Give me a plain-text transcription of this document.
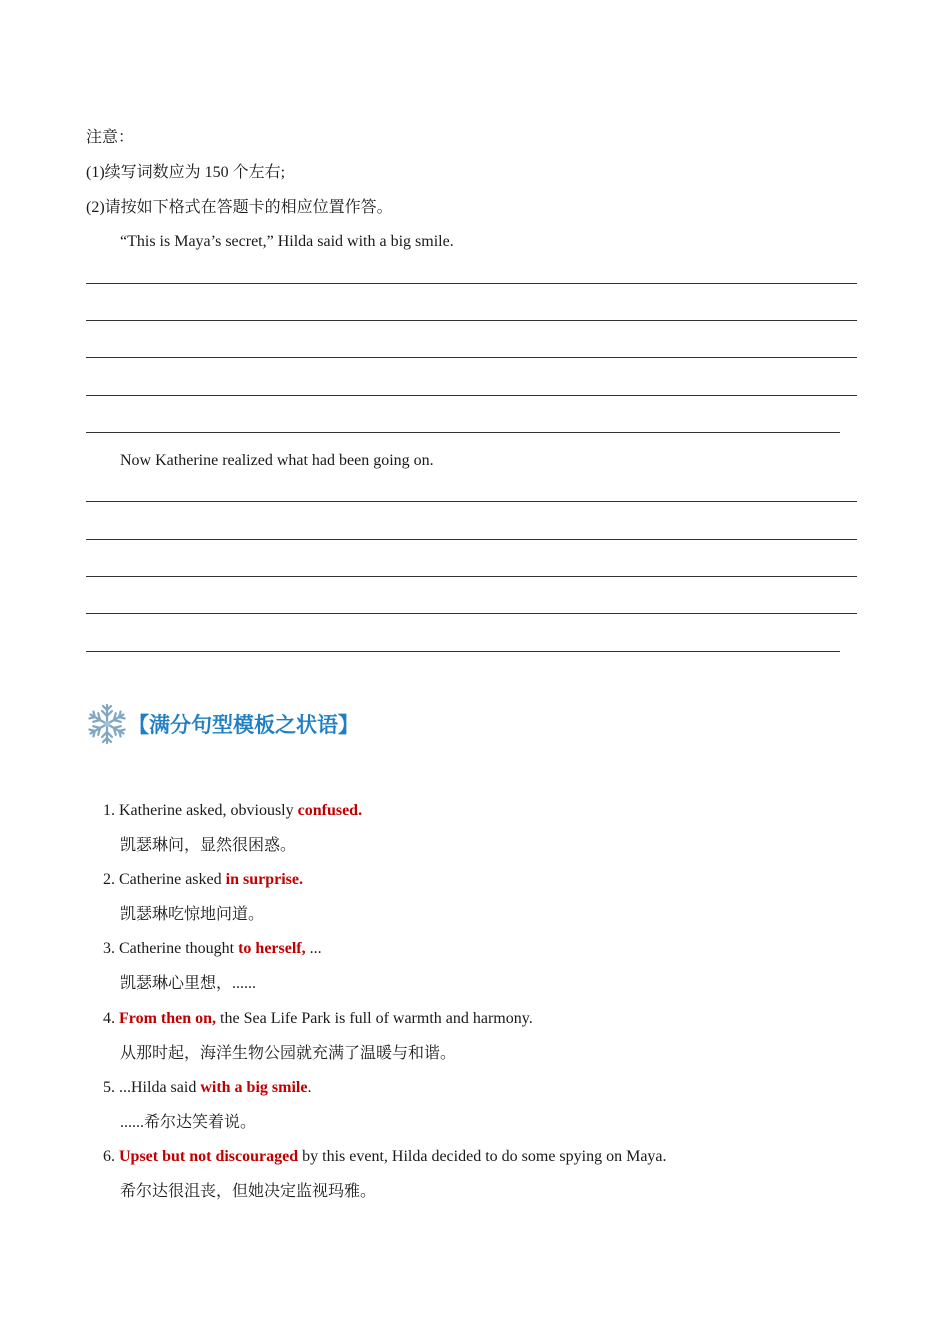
注意：
(1)续写词数应为 150 个左右;
(2)请按如下格式在答题卡的相应位置作答。
“This is Maya’s secret,” Hilda said with a big smile.
Now Katherine realized what had been going on.
【满分句型模板之状语】
1. Katherine asked, obviously confused.
凯瑟琳问，显然很困惑。
2. Catherine asked in surprise.
凯瑟琳吃惊地问道。
3. Catherine thought to herself, ...
凯瑟琳心里想，......
4. From then on, the Sea Life Park is full of warmth and harmony.
从那时起，海洋生物公园就充满了温暖与和谐。
5. ...Hilda said with a big smile.
......希尔达笑着说。
6. Upset but not discouraged by this event, Hilda decided to do some spying on Maya.
希尔达很沮丧，但她决定监视玛雅。
